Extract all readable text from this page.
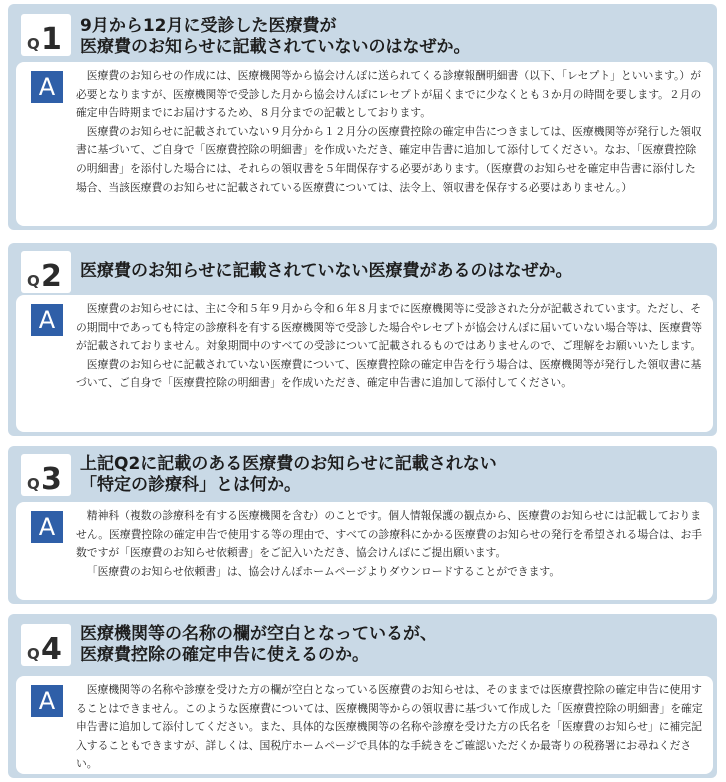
Q 1 9月から12月に受診した医療費が
医療費のお知らせに記載されていないのはなぜか。
A	医療費のお知らせの作成には、医療機関等から協会けんぽに送られてくる診療報酬明細書（以下、「レセプト」といいます。）が必要となりますが、医療機関等で受診した月から協会けんぽにレセプトが届くまでに少なくとも３か月の時間を要します。２月の確定申告時期までにお届けするため、８月分までの記載としております。

医療費のお知らせに記載されていない９月分から１２月分の医療費控除の確定申告につきましては、医療機関等が発行した領収書に基づいて、ご自身で「医療費控除の明細書」を作成いただき、確定申告書に追加して添付してください。なお、「医療費控除の明細書」を添付した場合には、それらの領収書を５年間保存する必要があります。（医療費のお知らせを確定申告書に添付した場合、当該医療費のお知らせに記載されている医療費については、法令上、領収書を保存する必要はありません。）

Q 2 医療費のお知らせに記載されていない医療費があるのはなぜか。
A	医療費のお知らせには、主に令和５年９月から令和６年８月までに医療機関等に受診された分が記載されています。ただし、その期間中であっても特定の診療科を有する医療機関等で受診した場合やレセプトが協会けんぽに届いていない場合等は、医療費等が記載されておりません。対象期間中のすべての受診について記載されるものではありませんので、ご理解をお願いいたします。

医療費のお知らせに記載されていない医療費について、医療費控除の確定申告を行う場合は、医療機関等が発行した領収書に基づいて、ご自身で「医療費控除の明細書」を作成いただき、確定申告書に追加して添付してください。

Q 3 上記Q2に記載のある医療費のお知らせに記載されない
「特定の診療科」とは何か。
A	精神科（複数の診療科を有する医療機関を含む）のことです。個人情報保護の観点から、医療費のお知らせには記載しておりません。医療費控除の確定申告で使用する等の理由で、すべての診療科にかかる医療費のお知らせの発行を希望される場合は、お手数ですが「医療費のお知らせ依頼書」をご記入いただき、協会けんぽにご提出願います。

「医療費のお知らせ依頼書」は、協会けんぽホームページよりダウンロードすることができます。

Q 4 医療機関等の名称の欄が空白となっているが、
医療費控除の確定申告に使えるのか。
A	医療機関等の名称や診療を受けた方の欄が空白となっている医療費のお知らせは、そのままでは医療費控除の確定申告に使用することはできません。このような医療費については、医療機関等からの領収書に基づいて作成した「医療費控除の明細書」を確定申告書に追加して添付してください。また、具体的な医療機関等の名称や診療を受けた方の氏名を「医療費のお知らせ」に補完記入することもできますが、詳しくは、国税庁ホームページで具体的な手続きをご確認いただくか最寄りの税務署にお尋ねください。
